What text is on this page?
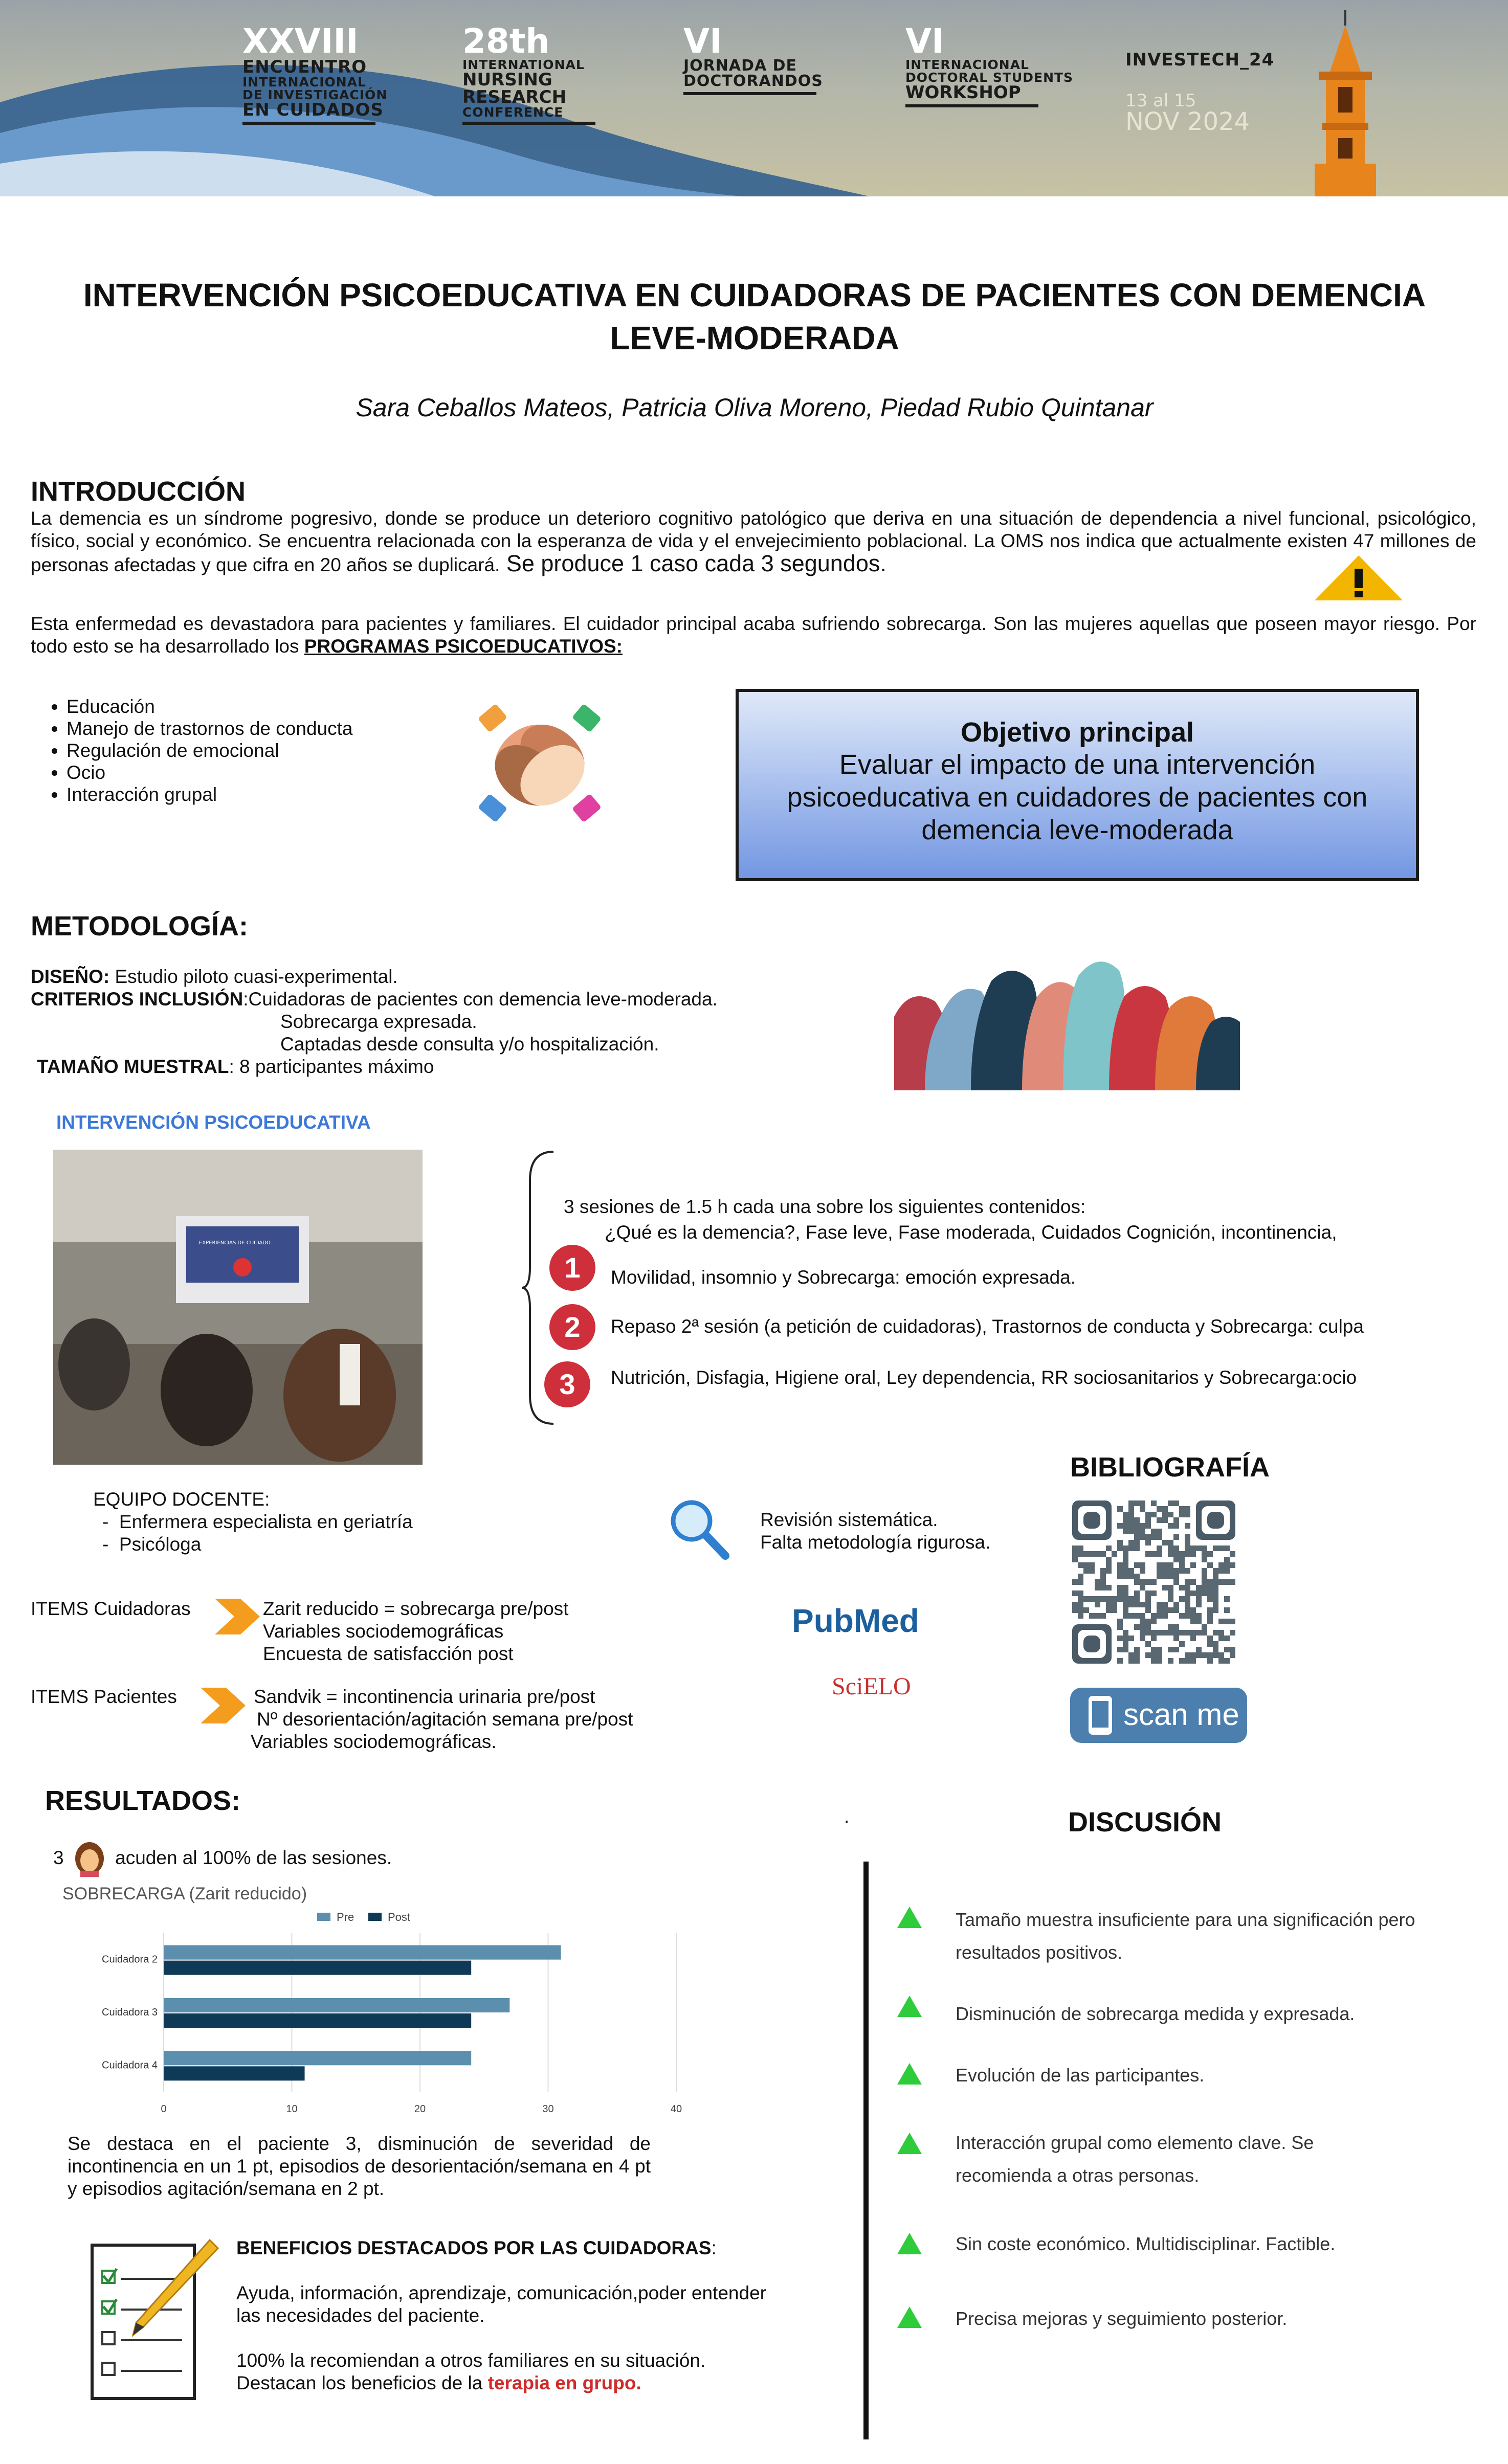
XXVIII
ENCUENTRO
INTERNACIONAL
DE INVESTIGACIÓN
EN CUIDADOS
28th
INTERNATIONAL
NURSING
RESEARCH
CONFERENCE
VI
JORNADA DE
DOCTORANDOS
VI
INTERNACIONAL
DOCTORAL STUDENTS
WORKSHOP
INVESTECH_24
13 al 15
NOV 2024
INTERVENCIÓN PSICOEDUCATIVA EN CUIDADORAS DE PACIENTES CON DEMENCIA LEVE-MODERADA
Sara Ceballos Mateos, Patricia Oliva Moreno, Piedad Rubio Quintanar
INTRODUCCIÓN
La demencia es un síndrome pogresivo, donde se produce un deterioro cognitivo patológico que deriva en una situación de dependencia a nivel funcional, psicológico, físico, social y económico. Se encuentra relacionada con la esperanza de vida y el envejecimiento poblacional. La OMS nos indica que actualmente existen 47 millones de personas afectadas y que cifra en 20 años se duplicará. Se produce 1 caso cada 3 segundos.
Esta enfermedad es devastadora para pacientes y familiares. El cuidador principal acaba sufriendo sobrecarga. Son las mujeres aquellas que poseen mayor riesgo. Por todo esto se ha desarrollado los PROGRAMAS PSICOEDUCATIVOS:
• Educación
• Manejo de trastornos de conducta
• Regulación de emocional
• Ocio
• Interacción grupal
Objetivo principal
Evaluar el impacto de una intervención psicoeducativa en cuidadores de pacientes con demencia leve-moderada
METODOLOGÍA:
DISEÑO: Estudio piloto cuasi-experimental.
CRITERIOS INCLUSIÓN:Cuidadoras de pacientes con demencia leve-moderada.
Sobrecarga expresada.
Captadas desde consulta y/o hospitalización.
TAMAÑO MUESTRAL: 8 participantes máximo
INTERVENCIÓN PSICOEDUCATIVA
EXPERIENCIAS DE CUIDADO
3 sesiones de 1.5 h cada una sobre los siguientes contenidos:
¿Qué es la demencia?, Fase leve, Fase moderada, Cuidados Cognición, incontinencia,
1	Movilidad, insomnio y Sobrecarga: emoción expresada.
2	Repaso 2ª sesión (a petición de cuidadoras), Trastornos de conducta y Sobrecarga: culpa
3	Nutrición, Disfagia, Higiene oral, Ley dependencia, RR sociosanitarios y Sobrecarga:ocio
EQUIPO DOCENTE:
-  Enfermera especialista en geriatría
-  Psicóloga
Revisión sistemática.
Falta metodología rigurosa.
BIBLIOGRAFÍA
scan me
PubMed
SciELO
ITEMS Cuidadoras	Zarit reducido = sobrecarga pre/post
Variables sociodemográficas
Encuesta de satisfacción post
ITEMS Pacientes	Sandvik = incontinencia urinaria pre/post
Nº desorientación/agitación semana pre/post
Variables sociodemográficas.
RESULTADOS:
3	acuden al 100% de las sesiones.
.
SOBRECARGA (Zarit reducido)
Pre	Post
0	10	20	30	40
Cuidadora 2
Cuidadora 3
Cuidadora 4
Se destaca en el paciente 3, disminución de severidad de incontinencia en un 1 pt, episodios de desorientación/semana en 4 pt y episodios agitación/semana en 2 pt.
BENEFICIOS DESTACADOS POR LAS CUIDADORAS:
Ayuda, información, aprendizaje, comunicación,poder entender las necesidades del paciente.
100% la recomiendan a otros familiares en su situación.
Destacan los beneficios de la terapia en grupo.
DISCUSIÓN
Tamaño muestra insuficiente para una significación pero resultados positivos.
Disminución de sobrecarga medida y expresada.
Evolución de las participantes.
Interacción grupal como elemento clave. Se recomienda a otras personas.
Sin coste económico. Multidisciplinar. Factible.
Precisa mejoras y seguimiento posterior.
